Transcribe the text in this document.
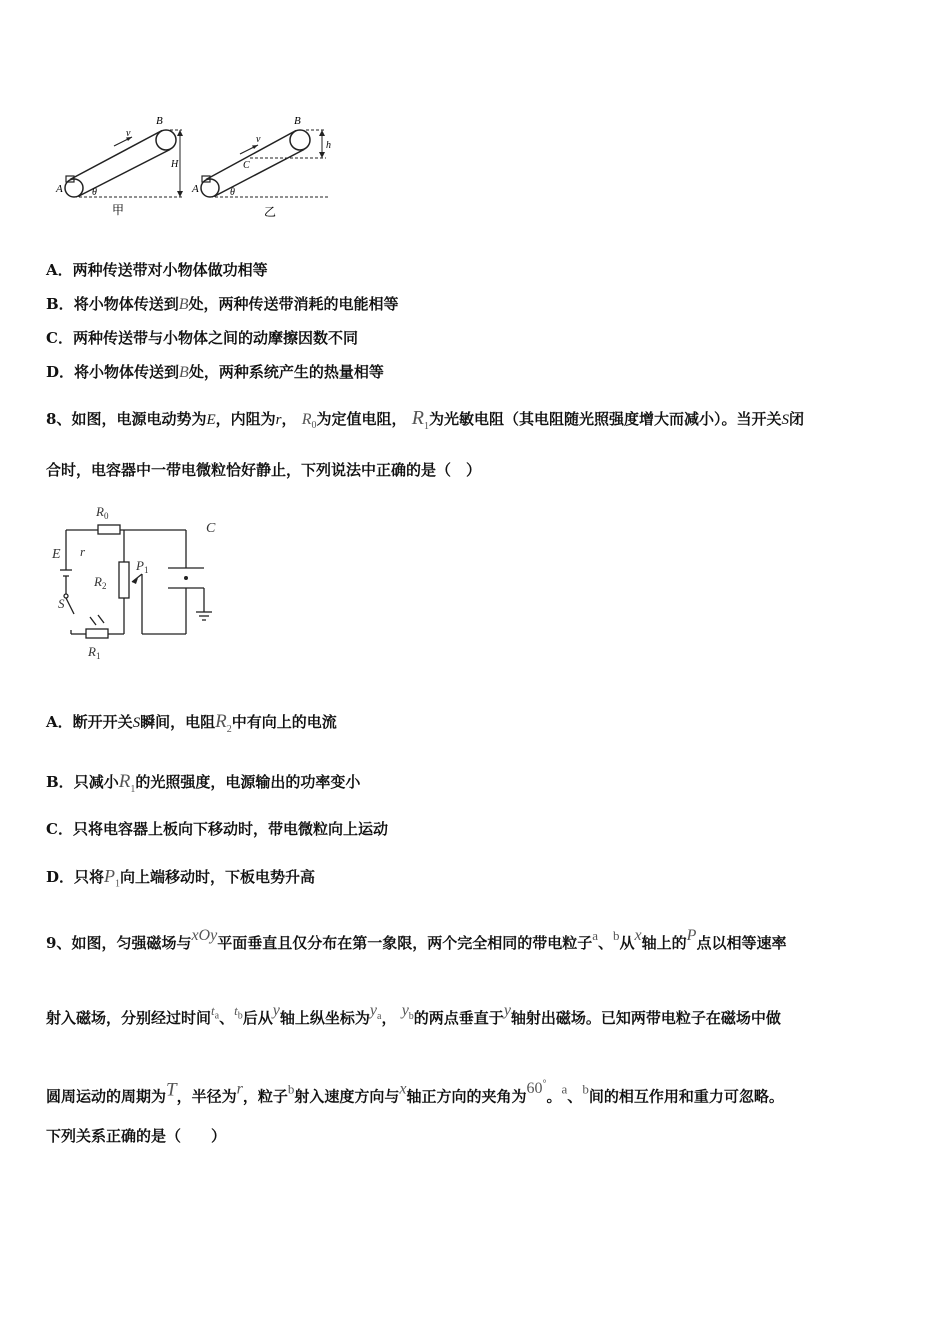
v
A
B
H
θ
甲
v
A
B
C
h
θ
乙
A．两种传送带对小物体做功相等
B．将小物体传送到B处，两种传送带消耗的电能相等
C．两种传送带与小物体之间的动摩擦因数不同
D．将小物体传送到B处，两种系统产生的热量相等
8、如图，电源电动势为E，内阻为r， $R_0$为定值电阻， $R_1$为光敏电阻（其电阻随光照强度增大而减小）。当开关S闭
合时，电容器中一带电微粒恰好静止，下列说法中正确的是（　）
$R_0$
C
E r
$R_2$
$P_1$
S
$R_1$
A．断开开关S瞬间，电阻$R_2$中有向上的电流
B．只减小$R_1$的光照强度，电源输出的功率变小
C．只将电容器上板向下移动时，带电微粒向上运动
D．只将$P_1$向上端移动时，下板电势升高
9、如图，匀强磁场与xOy平面垂直且仅分布在第一象限，两个完全相同的带电粒子a、b从x轴上的P点以相等速率
射入磁场，分别经过时间$t_a$、$t_b$后从y轴上纵坐标为$y_a$， $y_b$的两点垂直于y轴射出磁场。已知两带电粒子在磁场中做
圆周运动的周期为T，半径为r，粒子b射入速度方向与x轴正方向的夹角为60°。a、b间的相互作用和重力可忽略。
下列关系正确的是（　　）
